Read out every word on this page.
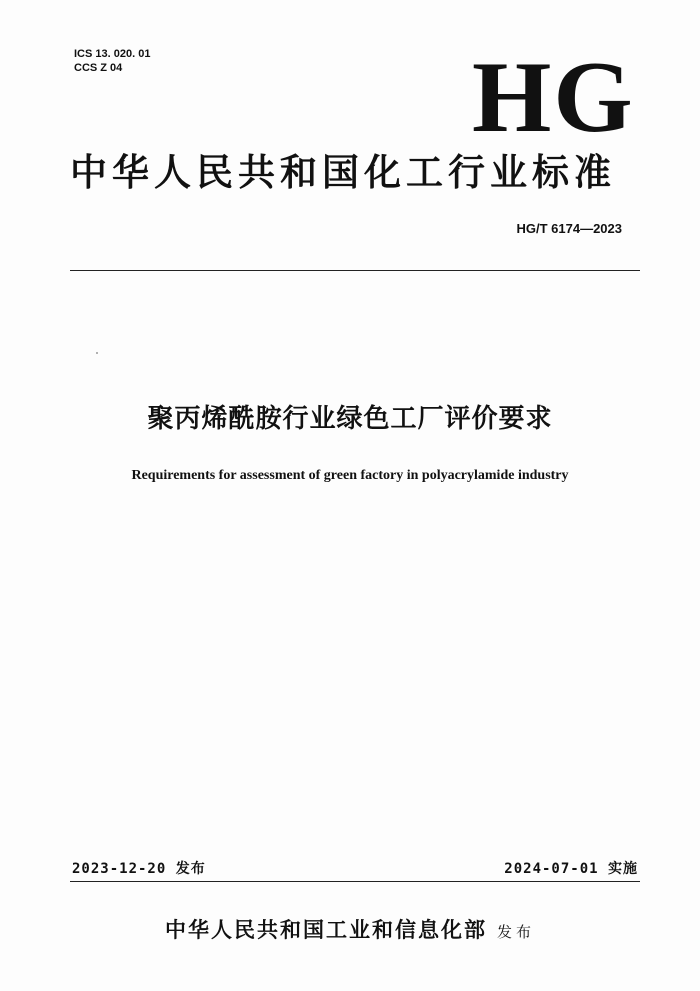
ICS 13. 020. 01
CCS Z 04	HG
中华人民共和国化工行业标准
HG/T 6174—2023
聚丙烯酰胺行业绿色工厂评价要求
Requirements for assessment of green factory in polyacrylamide industry
2023-12-20 发布	2024-07-01 实施
中华人民共和国工业和信息化部 发布
